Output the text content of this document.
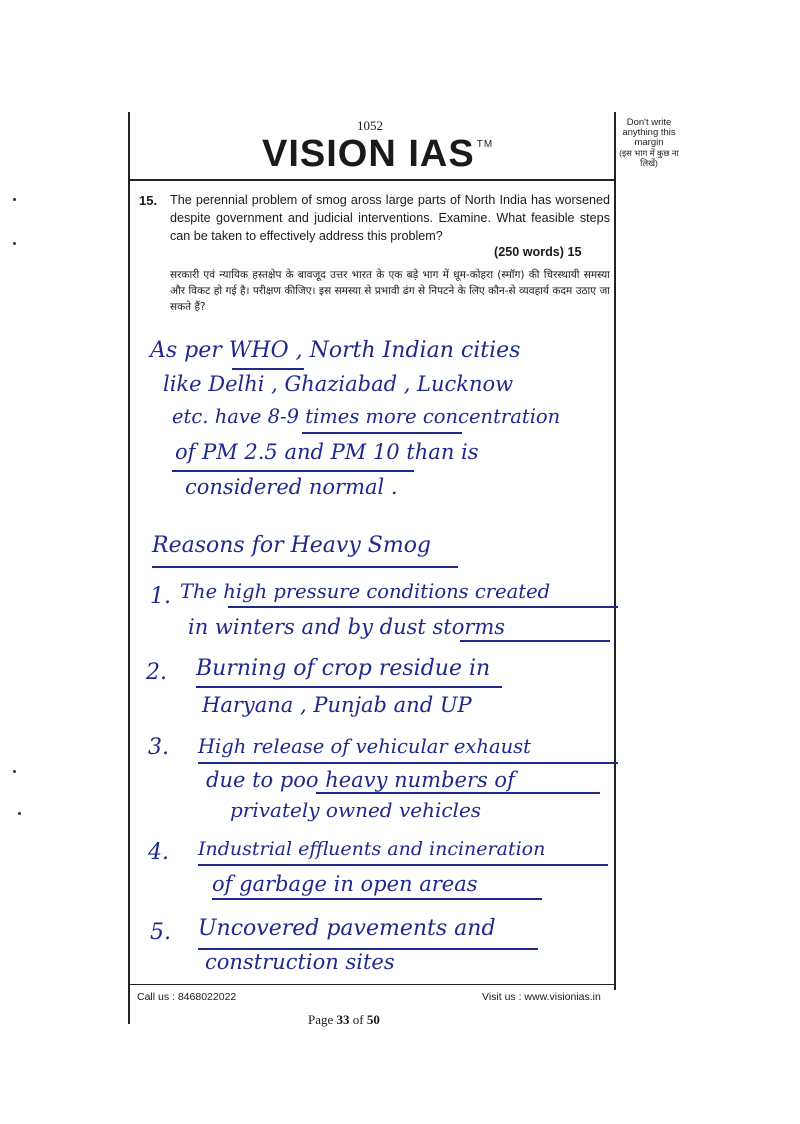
1052
VISION IAS ™
Don't write anything this margin
(इस भाग में कुछ ना लिखें)
15. The perennial problem of smog aross large parts of North India has worsened despite government and judicial interventions. Examine. What feasible steps can be taken to effectively address this problem?
(250 words) 15
सरकारी एवं न्यायिक हस्तक्षेप के बावजूद उत्तर भारत के एक बड़े भाग में धूम-कोहरा (स्मॉग) की चिरस्थायी समस्या और विकट हो गई है। परीक्षण कीजिए। इस समस्या से प्रभावी ढंग से निपटने के लिए कौन-से व्यवहार्य कदम उठाए जा सकते हैं?
As per WHO , North Indian cities
like Delhi , Ghaziabad , Lucknow
etc. have 8-9 times more concentration
of PM 2.5 and PM 10 than is
considered normal .
Reasons for Heavy Smog
1. The high pressure conditions created
in winters and by dust storms
2. Burning of crop residue in
Haryana , Punjab and UP
3. High release of vehicular exhaust
due to poo heavy numbers of
privately owned vehicles
4. Industrial effluents and incineration
of garbage in open areas
5. Uncovered pavements and
construction sites
Call us : 8468022022	Visit us : www.visionias.in
Page 33 of 50
